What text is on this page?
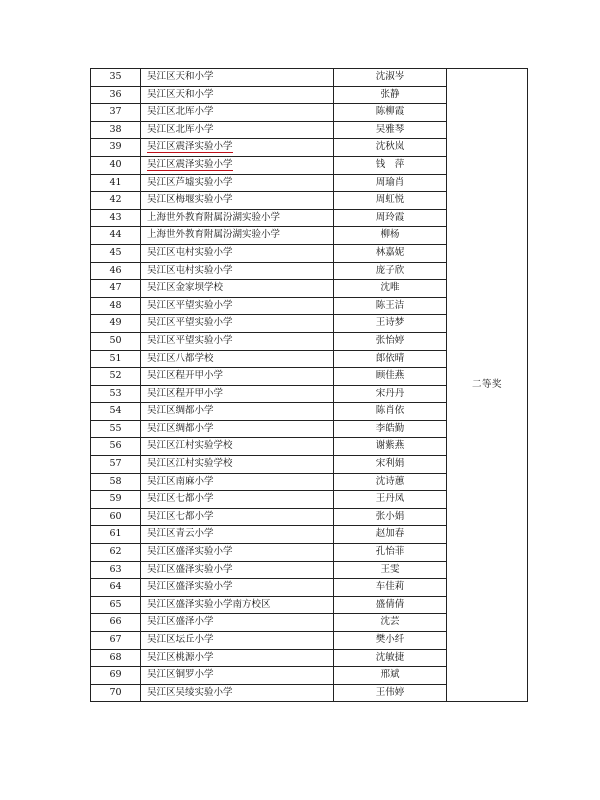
35	吴江区天和小学	沈淑岑	二等奖
36	吴江区天和小学	张静	
37	吴江区北厍小学	陈柳霞	
38	吴江区北厍小学	吴雅琴	
39	吴江区震泽实验小学	沈秋岚	
40	吴江区震泽实验小学	钱　萍	
41	吴江区芦墟实验小学	周瑜肖	
42	吴江区梅堰实验小学	周虹悦	
43	上海世外教育附属汾湖实验小学	周玲霞	
44	上海世外教育附属汾湖实验小学	柳杨	
45	吴江区屯村实验小学	林嘉妮	
46	吴江区屯村实验小学	庞子欣	
47	吴江区金家坝学校	沈唯	
48	吴江区平望实验小学	陈王洁	
49	吴江区平望实验小学	王诗梦	
50	吴江区平望实验小学	张怡婷	
51	吴江区八都学校	郎依晴	
52	吴江区程开甲小学	顾佳燕	
53	吴江区程开甲小学	宋丹丹	
54	吴江区绸都小学	陈肖依	
55	吴江区绸都小学	李皓勤	
56	吴江区江村实验学校	谢紫燕	
57	吴江区江村实验学校	宋利娟	
58	吴江区南麻小学	沈诗蕙	
59	吴江区七都小学	王丹凤	
60	吴江区七都小学	张小娟	
61	吴江区青云小学	赵加春	
62	吴江区盛泽实验小学	孔怡菲	
63	吴江区盛泽实验小学	王雯	
64	吴江区盛泽实验小学	车佳莉	
65	吴江区盛泽实验小学南方校区	盛倩倩	
66	吴江区盛泽小学	沈芸	
67	吴江区坛丘小学	樊小纤	
68	吴江区桃源小学	沈敏捷	
69	吴江区铜罗小学	邢斌	
70	吴江区吴绫实验小学	王伟婷	
